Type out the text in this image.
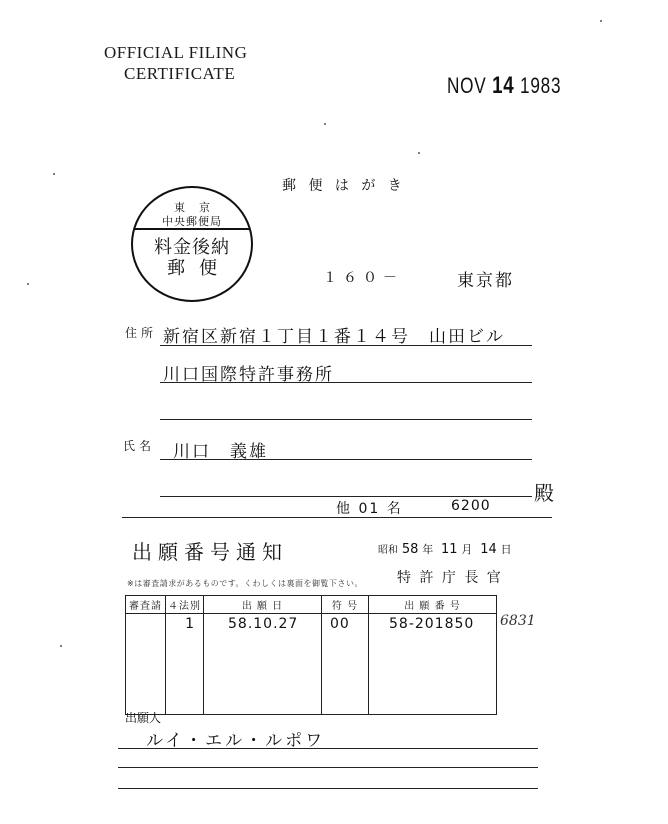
OFFICIAL FILING
CERTIFICATE	NOV 14 1983
郵 便 は が き
東京
中央郵便局
料金後納
郵便	１６０－	東京都
住所 新宿区新宿１丁目１番１４号　山田ビル
川口国際特許事務所
氏名 川口　義雄
殿
他 01 名	6200
出願番号通知	昭和 58 年 11 月 14 日
※は審査請求があるものです。くわしくは裏面を御覧下さい。 特 許 庁 長 官
審査請	４法別	出 願 日	符 号	出 願 番 号
	1	58.10.27	00	58-201850 6831
出願人
ルイ・エル・ルポワ
